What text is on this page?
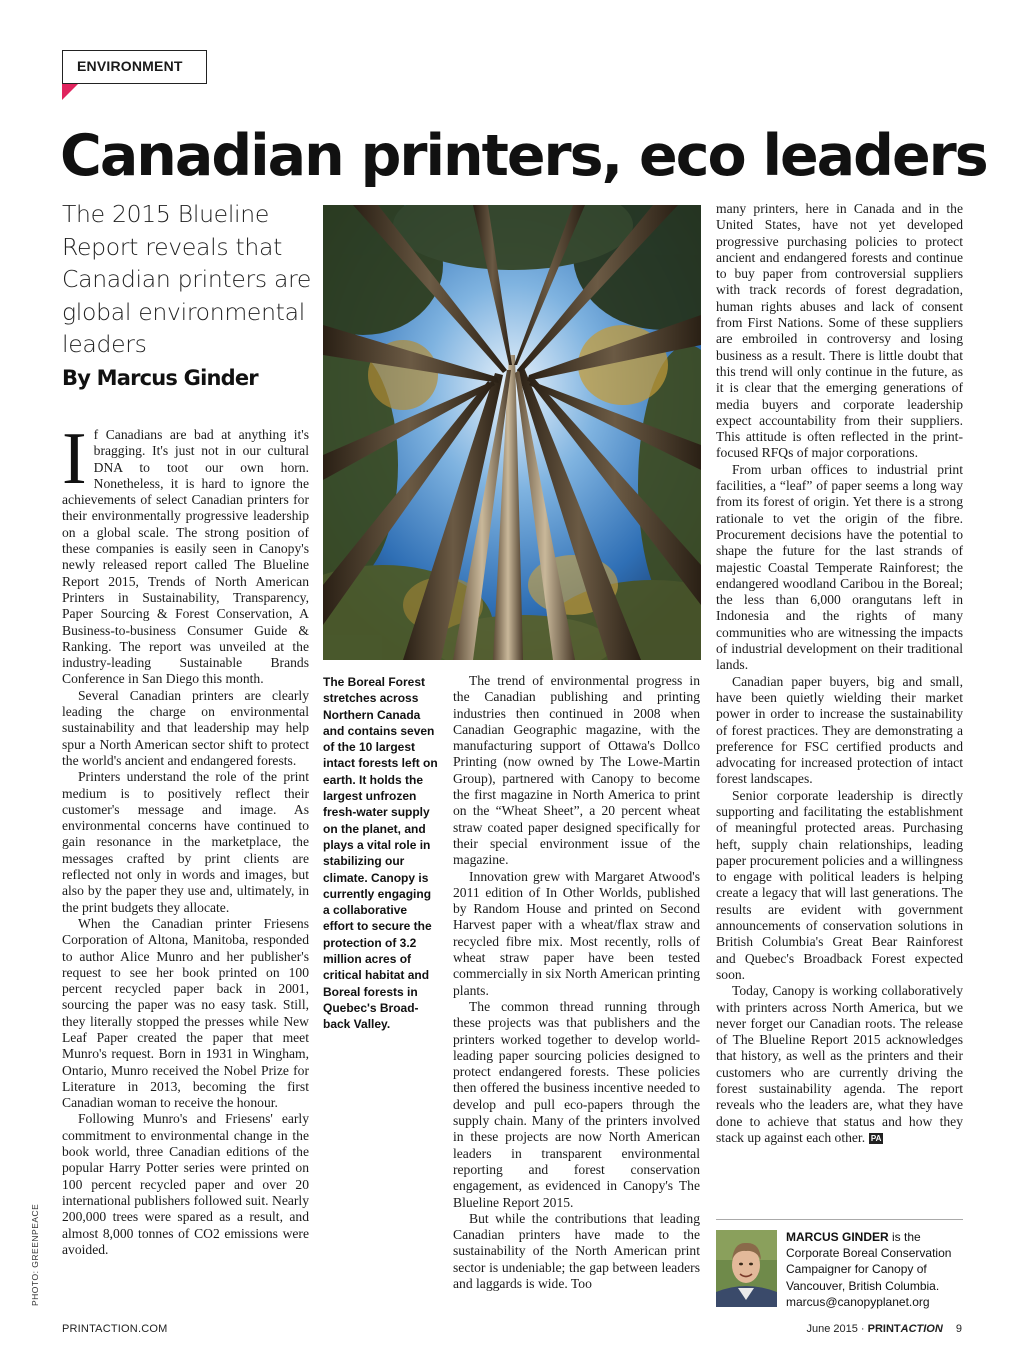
ENVIRONMENT
Canadian printers, eco leaders
The 2015 Blueline Report reveals that Canadian printers are global environmental leaders
By Marcus Ginder

If Canadians are bad at anything it's bragging. It's just not in our cultural DNA to toot our own horn. Nonetheless, it is hard to ignore the achievements of select Canadian printers for their environmentally progressive leadership on a global scale. The strong position of these companies is easily seen in Canopy's newly released report called The Blueline Report 2015, Trends of North American Printers in Sustainability, Transparency, Paper Sourcing & Forest Conservation, A Business-to-business Consumer Guide & Ranking. The report was unveiled at the industry-leading Sustainable Brands Conference in San Diego this month.

Several Canadian printers are clearly leading the charge on environmental sustainability and that leadership may help spur a North American sector shift to protect the world's ancient and endangered forests.

Printers understand the role of the print medium is to positively reflect their customer's message and image. As environmental concerns have continued to gain resonance in the marketplace, the messages crafted by print clients are reflected not only in words and images, but also by the paper they use and, ultimately, in the print budgets they allocate.

When the Canadian printer Friesens Corporation of Altona, Manitoba, responded to author Alice Munro and her publisher's request to see her book printed on 100 percent recycled paper back in 2001, sourcing the paper was no easy task. Still, they literally stopped the presses while New Leaf Paper created the paper that meet Munro's request. Born in 1931 in Wingham, Ontario, Munro received the Nobel Prize for Literature in 2013, becoming the first Canadian woman to receive the honour.

Following Munro's and Friesens' early commitment to environmental change in the book world, three Canadian editions of the popular Harry Potter series were printed on 100 percent recycled paper and over 20 international publishers followed suit. Nearly 200,000 trees were spared as a result, and almost 8,000 tonnes of CO2 emissions were avoided.

The Boreal Forest stretches across Northern Canada and contains seven of the 10 largest intact forests left on earth. It holds the largest unfrozen fresh-water supply on the planet, and plays a vital role in stabilizing our climate. Canopy is currently engaging a collaborative effort to secure the protection of 3.2 million acres of critical habitat and Boreal forests in Quebec's Broad-back Valley.
PHOTO: GREENPEACE

The trend of environmental progress in the Canadian publishing and printing industries then continued in 2008 when Canadian Geographic magazine, with the manufacturing support of Ottawa's Dollco Printing (now owned by The Lowe-Martin Group), partnered with Canopy to become the first magazine in North America to print on the “Wheat Sheet”, a 20 percent wheat straw coated paper designed specifically for their special environment issue of the magazine.

Innovation grew with Margaret Atwood's 2011 edition of In Other Worlds, published by Random House and printed on Second Harvest paper with a wheat/flax straw and recycled fibre mix. Most recently, rolls of wheat straw paper have been tested commercially in six North American printing plants.

The common thread running through these projects was that publishers and the printers worked together to develop world-leading paper sourcing policies designed to protect endangered forests. These policies then offered the business incentive needed to develop and pull eco-papers through the supply chain. Many of the printers involved in these projects are now North American leaders in transparent environmental reporting and forest conservation engagement, as evidenced in Canopy's The Blueline Report 2015.

But while the contributions that leading Canadian printers have made to the sustainability of the North American print sector is undeniable; the gap between leaders and laggards is wide. Too

many printers, here in Canada and in the United States, have not yet developed progressive purchasing policies to protect ancient and endangered forests and continue to buy paper from controversial suppliers with track records of forest degradation, human rights abuses and lack of consent from First Nations. Some of these suppliers are embroiled in controversy and losing business as a result. There is little doubt that this trend will only continue in the future, as it is clear that the emerging generations of media buyers and corporate leadership expect accountability from their suppliers. This attitude is often reflected in the print-focused RFQs of major corporations.

From urban offices to industrial print facilities, a “leaf” of paper seems a long way from its forest of origin. Yet there is a strong rationale to vet the origin of the fibre. Procurement decisions have the potential to shape the future for the last strands of majestic Coastal Temperate Rainforest; the endangered woodland Caribou in the Boreal; the less than 6,000 orangutans left in Indonesia and the rights of many communities who are witnessing the impacts of industrial development on their traditional lands.

Canadian paper buyers, big and small, have been quietly wielding their market power in order to increase the sustainability of forest practices. They are demonstrating a preference for FSC certified products and advocating for increased protection of intact forest landscapes.

Senior corporate leadership is directly supporting and facilitating the establishment of meaningful protected areas. Purchasing heft, supply chain relationships, leading paper procurement policies and a willingness to engage with political leaders is helping create a legacy that will last generations. The results are evident with government announcements of conservation solutions in British Columbia's Great Bear Rainforest and Quebec's Broadback Forest expected soon.

Today, Canopy is working collaboratively with printers across North America, but we never forget our Canadian roots. The release of The Blueline Report 2015 acknowledges that history, as well as the printers and their customers who are currently driving the forest sustainability agenda. The report reveals who the leaders are, what they have done to achieve that status and how they stack up against each other. PA

MARCUS GINDER is the Corporate Boreal Conservation Campaigner for Canopy of Vancouver, British Columbia. marcus@canopyplanet.org
PRINTACTION.COM	June 2015 · PRINTACTION 9
